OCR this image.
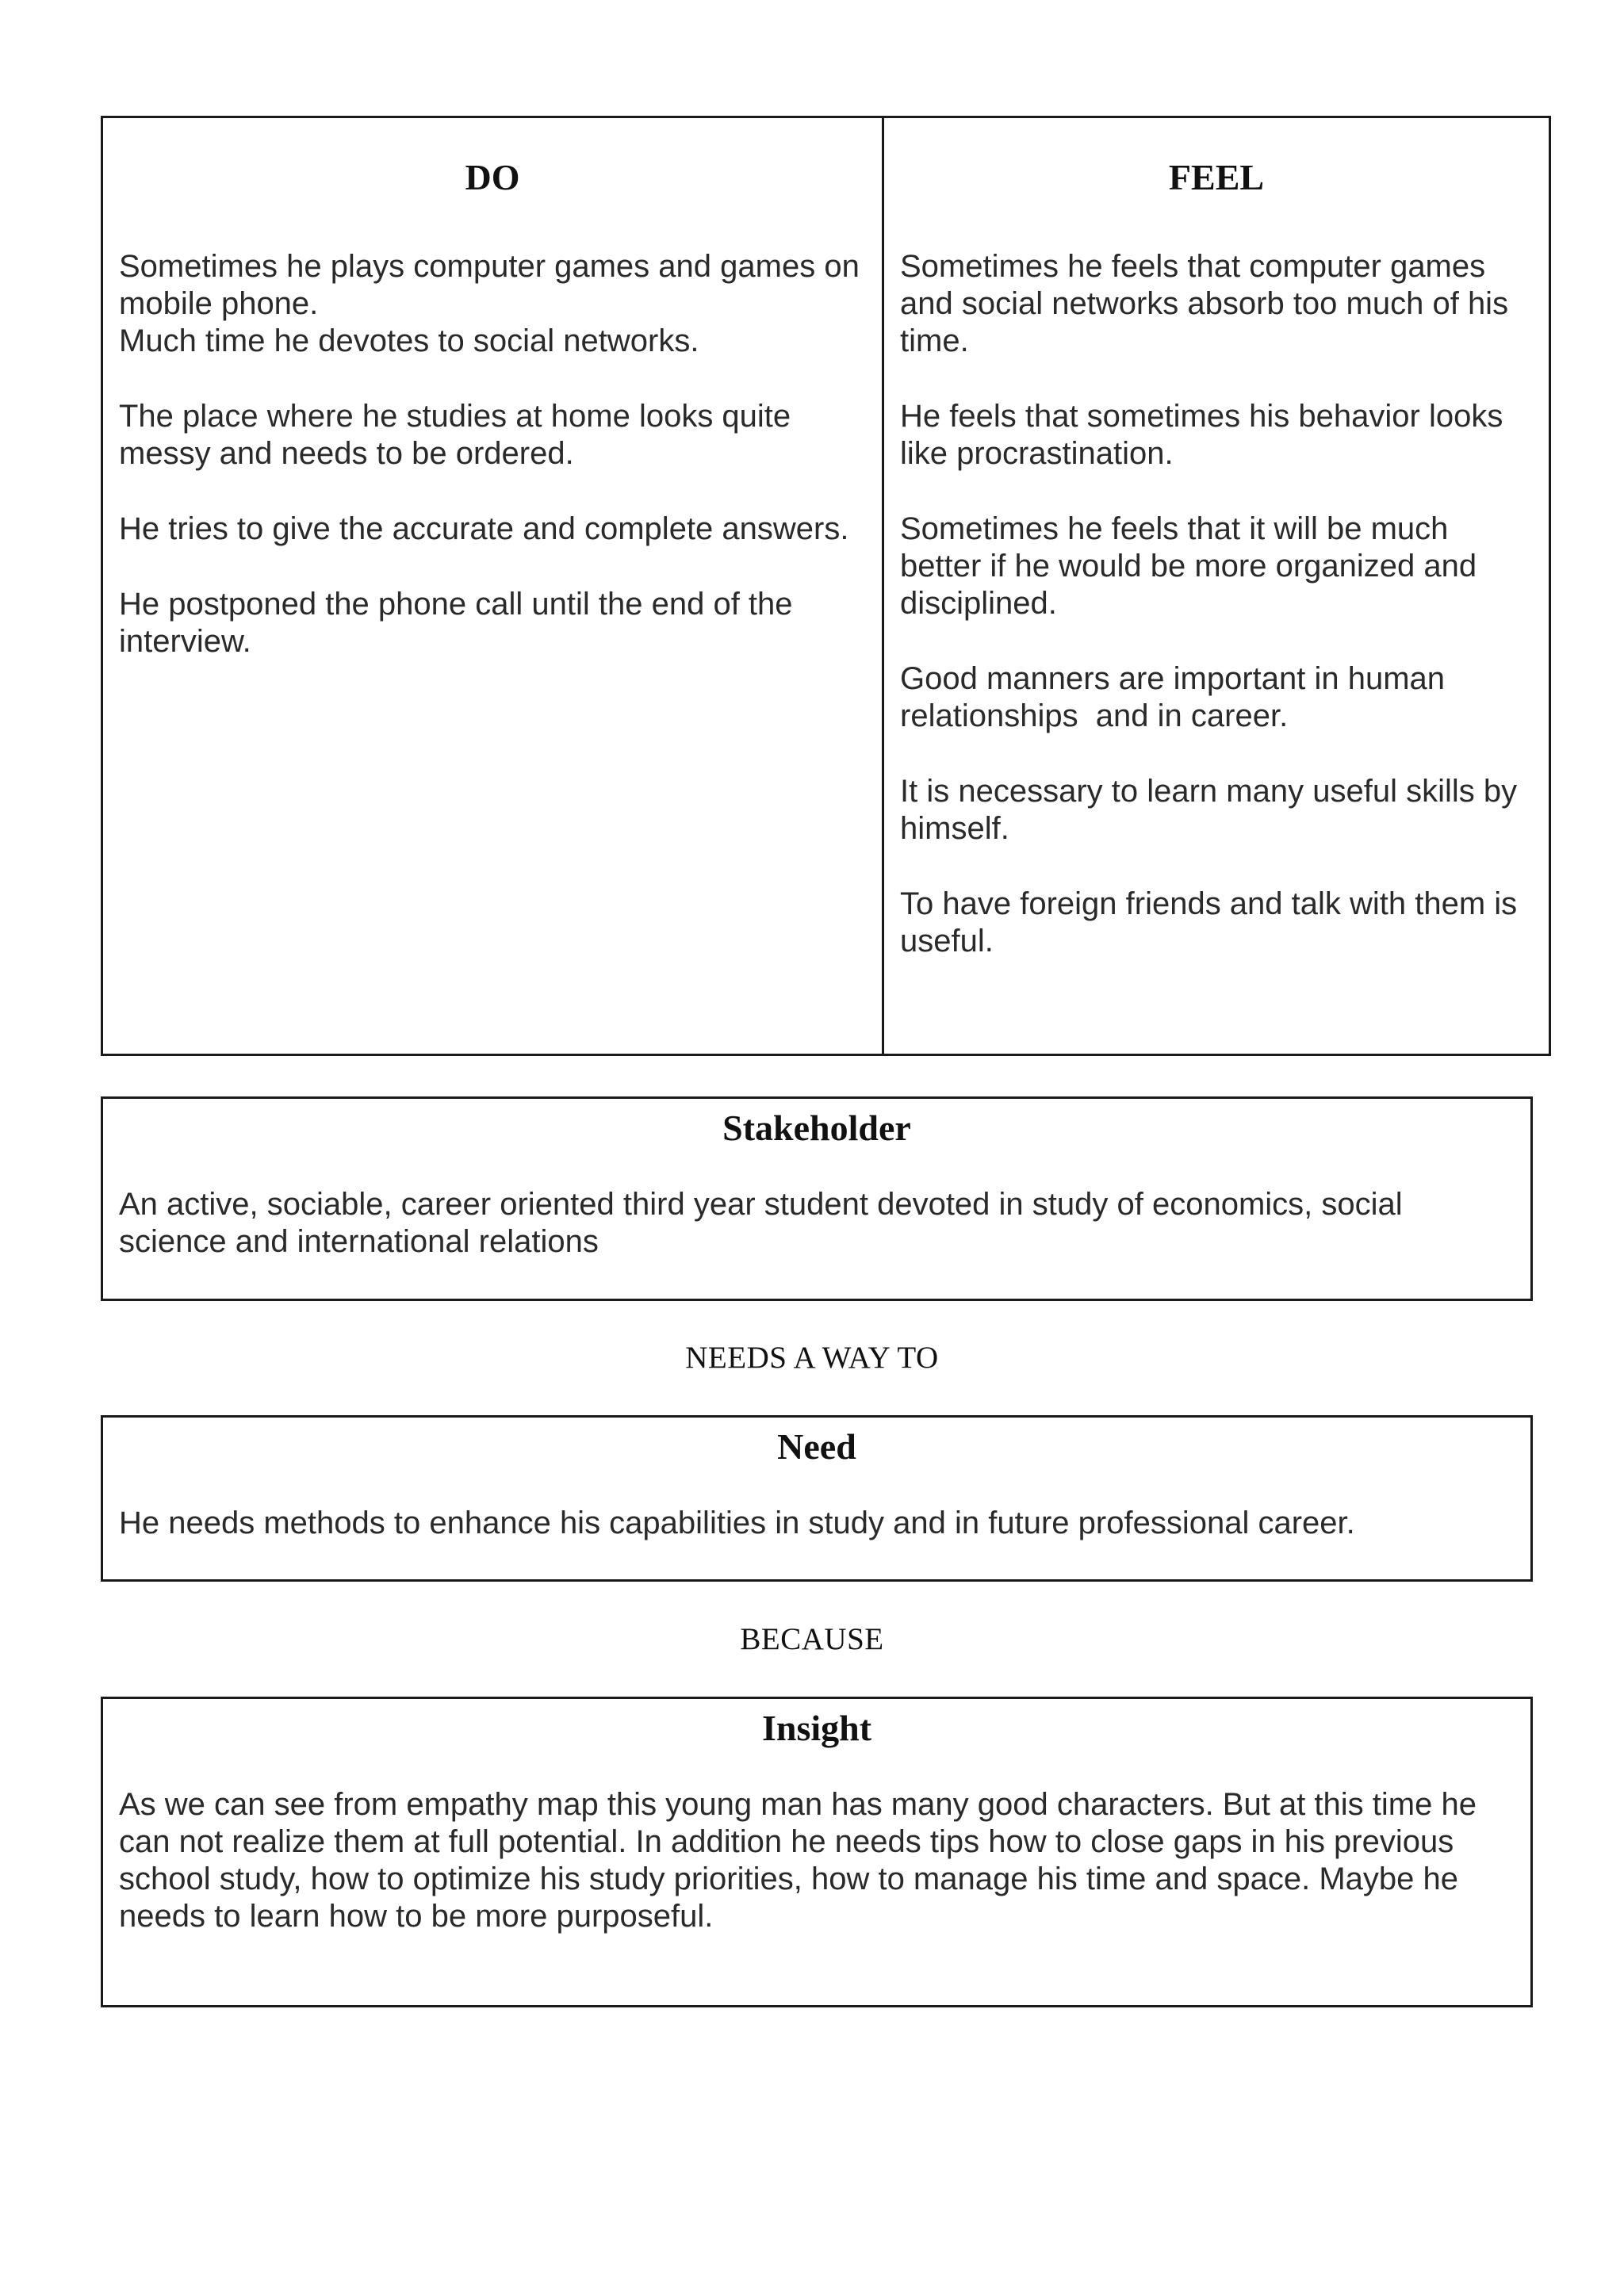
DO

Sometimes he plays computer games and games on mobile phone.
Much time he devotes to social networks.

The place where he studies at home looks quite messy and needs to be ordered.

He tries to give the accurate and complete answers.

He postponed the phone call until the end of the interview.

FEEL

Sometimes he feels that computer games and social networks absorb too much of his time.

He feels that sometimes his behavior looks like procrastination.

Sometimes he feels that it will be much better if he would be more organized and disciplined.

Good manners are important in human relationships  and in career.

It is necessary to learn many useful skills by himself.

To have foreign friends and talk with them is useful.

Stakeholder
An active, sociable, career oriented third year student devoted in study of economics, social science and international relations
NEEDS A WAY TO
Need
He needs methods to enhance his capabilities in study and in future professional career.
BECAUSE
Insight
As we can see from empathy map this young man has many good characters. But at this time he can not realize them at full potential. In addition he needs tips how to close gaps in his previous school study, how to optimize his study priorities, how to manage his time and space. Maybe he needs to learn how to be more purposeful.
